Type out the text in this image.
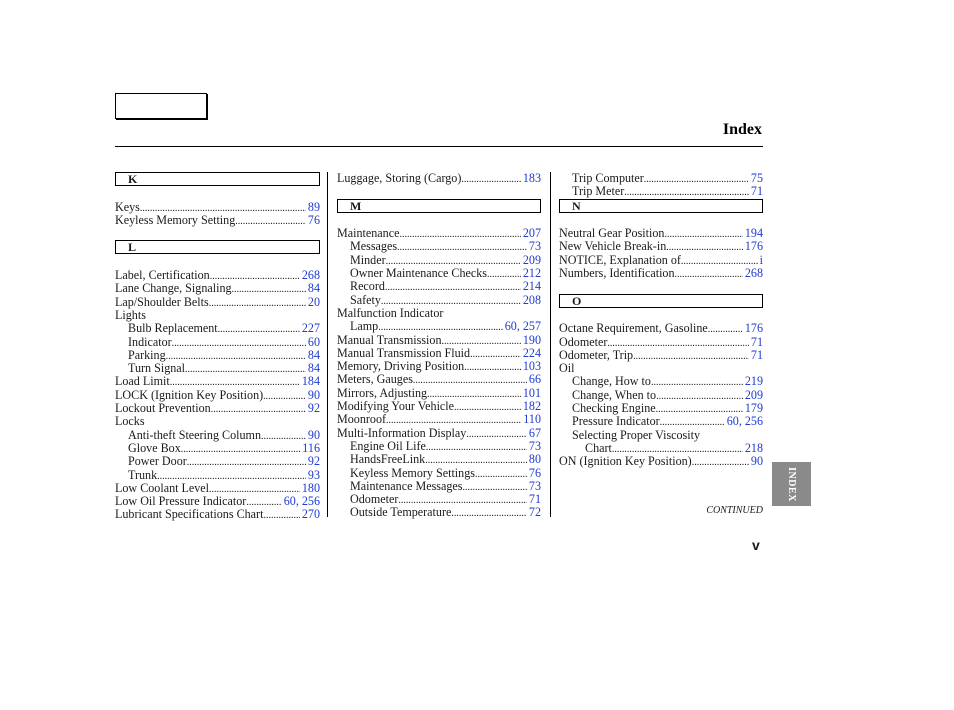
Index
K
Keys .....	89
Keyless Memory Setting .....	76
L
Label, Certification .....	268
Lane Change, Signaling .....	84
Lap/Shoulder Belts .....	20
Lights
Bulb Replacement .....	227
Indicator .....	60
Parking .....	84
Turn Signal .....	84
Load Limit .....	184
LOCK (Ignition Key Position) .....	90
Lockout Prevention .....	92
Locks
Anti-theft Steering Column .....	90
Glove Box .....	116
Power Door .....	92
Trunk .....	93
Low Coolant Level .....	180
Low Oil Pressure Indicator .....	60, 256
Lubricant Specifications Chart .....	270
Luggage, Storing (Cargo) .....	183
M
Maintenance .....	207
Messages .....	73
Minder .....	209
Owner Maintenance Checks .....	212
Record .....	214
Safety .....	208
Malfunction Indicator
Lamp .....	60, 257
Manual Transmission .....	190
Manual Transmission Fluid .....	224
Memory, Driving Position .....	103
Meters, Gauges .....	66
Mirrors, Adjusting .....	101
Modifying Your Vehicle .....	182
Moonroof .....	110
Multi-Information Display .....	67
Engine Oil Life .....	73
HandsFreeLink .....	80
Keyless Memory Settings .....	76
Maintenance Messages .....	73
Odometer .....	71
Outside Temperature .....	72
Trip Computer .....	75
Trip Meter .....	71
N
Neutral Gear Position .....	194
New Vehicle Break-in .....	176
NOTICE, Explanation of .....	i
Numbers, Identification .....	268
O
Octane Requirement, Gasoline .....	176
Odometer .....	71
Odometer, Trip .....	71
Oil
Change, How to .....	219
Change, When to .....	209
Checking Engine .....	179
Pressure Indicator .....	60, 256
Selecting Proper Viscosity
Chart .....	218
ON (Ignition Key Position) .....	90
CONTINUED
INDEX
v
